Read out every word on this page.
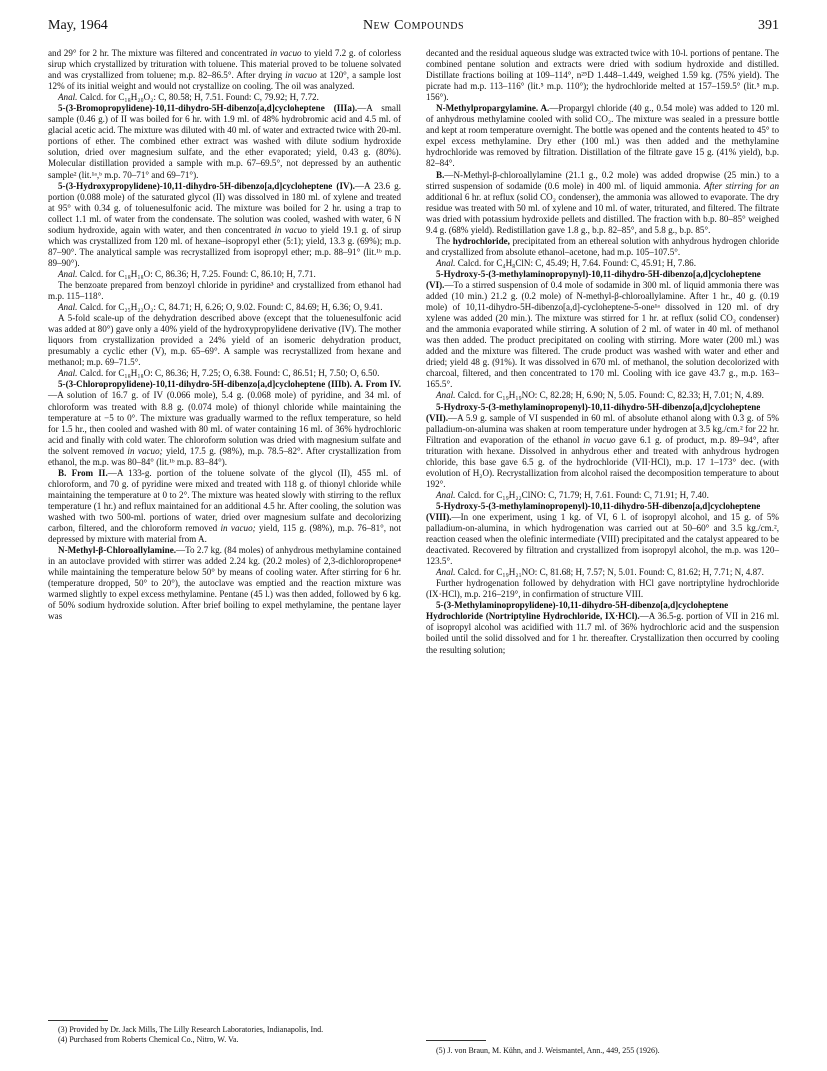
May, 1964	New Compounds	391

and 29° for 2 hr. The mixture was filtered and concentrated in vacuo to yield 7.2 g. of colorless sirup which crystallized by trituration with toluene. This material proved to be toluene solvated and was crystallized from toluene; m.p. 82–86.5°. After drying in vacuo at 120°, a sample lost 12% of its initial weight and would not crystallize on cooling. The oil was analyzed.

Anal. Calcd. for C₁₈H₂₀O₂: C, 80.58; H, 7.51. Found: C, 79.92; H, 7.72.

5-(3-Bromopropylidene)-10,11-dihydro-5H-dibenzo[a,d]cycloheptene (IIIa).—A small sample (0.46 g.) of II was boiled for 6 hr. with 1.9 ml. of 48% hydrobromic acid and 4.5 ml. of glacial acetic acid. The mixture was diluted with 40 ml. of water and extracted twice with 20-ml. portions of ether. The combined ether extract was washed with dilute sodium hydroxide solution, dried over magnesium sulfate, and the ether evaporated; yield, 0.43 g. (80%). Molecular distillation provided a sample with m.p. 67–69.5°, not depressed by an authentic sample² (lit.¹ᵃ,ᵇ m.p. 70–71° and 69–71°).

5-(3-Hydroxypropylidene)-10,11-dihydro-5H-dibenzo[a,d]cycloheptene (IV).—A 23.6 g. portion (0.088 mole) of the saturated glycol (II) was dissolved in 180 ml. of xylene and treated at 95° with 0.34 g. of toluenesulfonic acid. The mixture was boiled for 2 hr. using a trap to collect 1.1 ml. of water from the condensate. The solution was cooled, washed with water, 6 N sodium hydroxide, again with water, and then concentrated in vacuo to yield 19.1 g. of sirup which was crystallized from 120 ml. of hexane–isopropyl ether (5:1); yield, 13.3 g. (69%); m.p. 87–90°. The analytical sample was recrystallized from isopropyl ether; m.p. 88–91° (lit.¹ᵇ m.p. 89–90°).

Anal. Calcd. for C₁₈H₁₈O: C, 86.36; H, 7.25. Found: C, 86.10; H, 7.71.

The benzoate prepared from benzoyl chloride in pyridine³ and crystallized from ethanol had m.p. 115–118°.

Anal. Calcd. for C₂₅H₂₂O₂: C, 84.71; H, 6.26; O, 9.02. Found: C, 84.69; H, 6.36; O, 9.41.

A 5-fold scale-up of the dehydration described above (except that the toluenesulfonic acid was added at 80°) gave only a 40% yield of the hydroxypropylidene derivative (IV). The mother liquors from crystallization provided a 24% yield of an isomeric dehydration product, presumably a cyclic ether (V), m.p. 65–69°. A sample was recrystallized from hexane and methanol; m.p. 69–71.5°.

Anal. Calcd. for C₁₈H₁₈O: C, 86.36; H, 7.25; O, 6.38. Found: C, 86.51; H, 7.50; O, 6.50.

5-(3-Chloropropylidene)-10,11-dihydro-5H-dibenzo[a,d]cycloheptene (IIIb). A. From IV.—A solution of 16.7 g. of IV (0.066 mole), 5.4 g. (0.068 mole) of pyridine, and 34 ml. of chloroform was treated with 8.8 g. (0.074 mole) of thionyl chloride while maintaining the temperature at −5 to 0°. The mixture was gradually warmed to the reflux temperature, so held for 1.5 hr., then cooled and washed with 80 ml. of water containing 16 ml. of 36% hydrochloric acid and finally with cold water. The chloroform solution was dried with magnesium sulfate and the solvent removed in vacuo; yield, 17.5 g. (98%), m.p. 78.5–82°. After crystallization from ethanol, the m.p. was 80–84° (lit.¹ᵇ m.p. 83–84°).

B. From II.—A 133-g. portion of the toluene solvate of the glycol (II), 455 ml. of chloroform, and 70 g. of pyridine were mixed and treated with 118 g. of thionyl chloride while maintaining the temperature at 0 to 2°. The mixture was heated slowly with stirring to the reflux temperature (1 hr.) and reflux maintained for an additional 4.5 hr. After cooling, the solution was washed with two 500-ml. portions of water, dried over magnesium sulfate and decolorizing carbon, filtered, and the chloroform removed in vacuo; yield, 115 g. (98%), m.p. 76–81°, not depressed by mixture with material from A.

N-Methyl-β-Chloroallylamine.—To 2.7 kg. (84 moles) of anhydrous methylamine contained in an autoclave provided with stirrer was added 2.24 kg. (20.2 moles) of 2,3-dichloropropene⁴ while maintaining the temperature below 50° by means of cooling water. After stirring for 6 hr. (temperature dropped, 50° to 20°), the autoclave was emptied and the reaction mixture was warmed slightly to expel excess methylamine. Pentane (45 l.) was then added, followed by 6 kg. of 50% sodium hydroxide solution. After brief boiling to expel methylamine, the pentane layer was

decanted and the residual aqueous sludge was extracted twice with 10-l. portions of pentane. The combined pentane solution and extracts were dried with sodium hydroxide and distilled. Distillate fractions boiling at 109–114°, n²⁵D 1.448–1.449, weighed 1.59 kg. (75% yield). The picrate had m.p. 113–116° (lit.⁵ m.p. 110°); the hydrochloride melted at 157–159.5° (lit.⁵ m.p. 156°).

N-Methylpropargylamine. A.—Propargyl chloride (40 g., 0.54 mole) was added to 120 ml. of anhydrous methylamine cooled with solid CO₂. The mixture was sealed in a pressure bottle and kept at room temperature overnight. The bottle was opened and the contents heated to 45° to expel excess methylamine. Dry ether (100 ml.) was then added and the methylamine hydrochloride was removed by filtration. Distillation of the filtrate gave 15 g. (41% yield), b.p. 82–84°.

B.—N-Methyl-β-chloroallylamine (21.1 g., 0.2 mole) was added dropwise (25 min.) to a stirred suspension of sodamide (0.6 mole) in 400 ml. of liquid ammonia. After stirring for an additional 6 hr. at reflux (solid CO₂ condenser), the ammonia was allowed to evaporate. The dry residue was treated with 50 ml. of xylene and 10 ml. of water, triturated, and filtered. The filtrate was dried with potassium hydroxide pellets and distilled. The fraction with b.p. 80–85° weighed 9.4 g. (68% yield). Redistillation gave 1.8 g., b.p. 82–85°, and 5.8 g., b.p. 85°.

The hydrochloride, precipitated from an ethereal solution with anhydrous hydrogen chloride and crystallized from absolute ethanol–acetone, had m.p. 105–107.5°.

Anal. Calcd. for C₄H₈ClN: C, 45.49; H, 7.64. Found: C, 45.91; H, 7.86.

5-Hydroxy-5-(3-methylaminopropynyl)-10,11-dihydro-5H-dibenzo[a,d]cycloheptene (VI).—To a stirred suspension of 0.4 mole of sodamide in 300 ml. of liquid ammonia there was added (10 min.) 21.2 g. (0.2 mole) of N-methyl-β-chloroallylamine. After 1 hr., 40 g. (0.19 mole) of 10,11-dihydro-5H-dibenzo[a,d]-cycloheptene-5-one¹ᵃ dissolved in 120 ml. of dry xylene was added (20 min.). The mixture was stirred for 1 hr. at reflux (solid CO₂ condenser) and the ammonia evaporated while stirring. A solution of 2 ml. of water in 40 ml. of methanol was then added. The product precipitated on cooling with stirring. More water (200 ml.) was added and the mixture was filtered. The crude product was washed with water and ether and dried; yield 48 g. (91%). It was dissolved in 670 ml. of methanol, the solution decolorized with charcoal, filtered, and then concentrated to 170 ml. Cooling with ice gave 43.7 g., m.p. 163–165.5°.

Anal. Calcd. for C₁₉H₁₉NO: C, 82.28; H, 6.90; N, 5.05. Found: C, 82.33; H, 7.01; N, 4.89.

5-Hydroxy-5-(3-methylaminopropenyl)-10,11-dihydro-5H-dibenzo[a,d]cycloheptene (VII).—A 5.9 g. sample of VI suspended in 60 ml. of absolute ethanol along with 0.3 g. of 5% palladium-on-alumina was shaken at room temperature under hydrogen at 3.5 kg./cm.² for 22 hr. Filtration and evaporation of the ethanol in vacuo gave 6.1 g. of product, m.p. 89–94°, after trituration with hexane. Dissolved in anhydrous ether and treated with anhydrous hydrogen chloride, this base gave 6.5 g. of the hydrochloride (VII·HCl), m.p. 17 1–173° dec. (with evolution of H₂O). Recrystallization from alcohol raised the decomposition temperature to about 192°.

Anal. Calcd. for C₁₉H₂₂ClNO: C, 71.79; H, 7.61. Found: C, 71.91; H, 7.40.

5-Hydroxy-5-(3-methylaminopropenyl)-10,11-dihydro-5H-dibenzo[a,d]cycloheptene (VIII).—In one experiment, using 1 kg. of VI, 6 l. of isopropyl alcohol, and 15 g. of 5% palladium-on-alumina, in which hydrogenation was carried out at 50–60° and 3.5 kg./cm.², reaction ceased when the olefinic intermediate (VIII) precipitated and the catalyst appeared to be deactivated. Recovered by filtration and crystallized from isopropyl alcohol, the m.p. was 120–123.5°.

Anal. Calcd. for C₁₉H₂₁NO: C, 81.68; H, 7.57; N, 5.01. Found: C, 81.62; H, 7.71; N, 4.87.

Further hydrogenation followed by dehydration with HCl gave nortriptyline hydrochloride (IX·HCl), m.p. 216–219°, in confirmation of structure VIII.

5-(3-Methylaminopropylidene)-10,11-dihydro-5H-dibenzo[a,d]cycloheptene Hydrochloride (Nortriptyline Hydrochloride, IX·HCl).—A 36.5-g. portion of VII in 216 ml. of isopropyl alcohol was acidified with 11.7 ml. of 36% hydrochloric acid and the suspension boiled until the solid dissolved and for 1 hr. thereafter. Crystallization then occurred by cooling the resulting solution;

(3) Provided by Dr. Jack Mills, The Lilly Research Laboratories, Indianapolis, Ind.
(4) Purchased from Roberts Chemical Co., Nitro, W. Va.
(5) J. von Braun, M. Kühn, and J. Weismantel, Ann., 449, 255 (1926).
